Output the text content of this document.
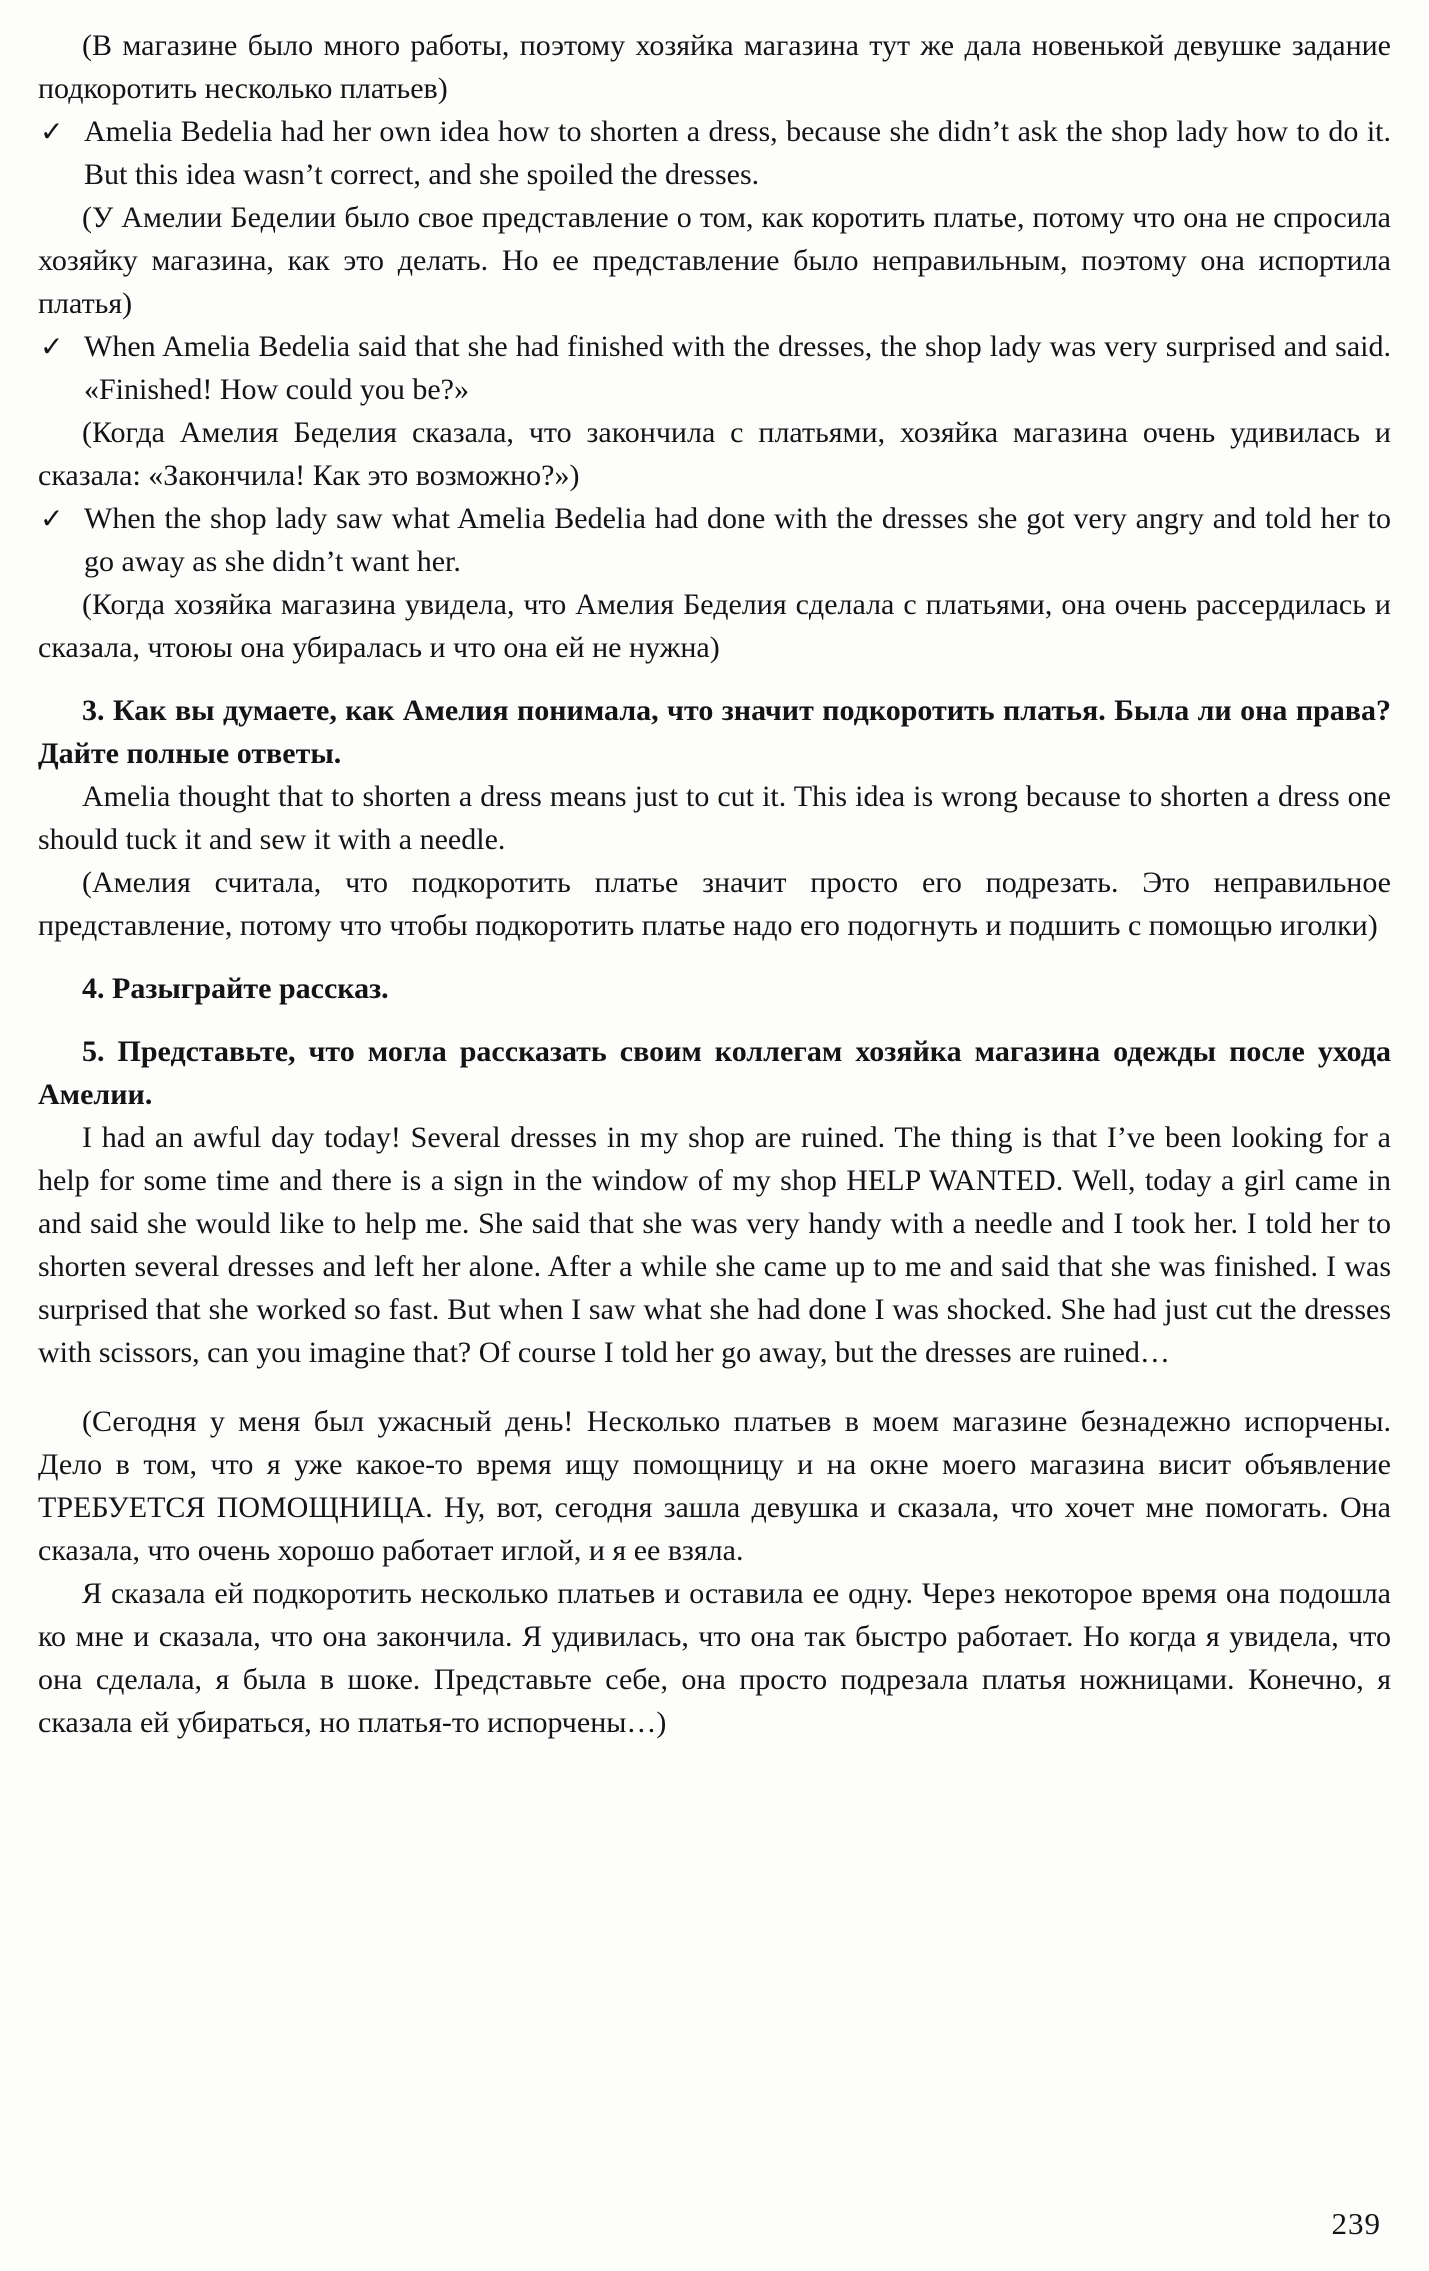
(В магазине было много работы, поэтому хозяйка магазина тут же дала новенькой девушке задание подкоротить несколько платьев)

✓ Amelia Bedelia had her own idea how to shorten a dress, because she didn’t ask the shop lady how to do it. But this idea wasn’t correct, and she spoiled the dresses.

(У Амелии Беделии было свое представление о том, как коротить платье, потому что она не спросила хозяйку магазина, как это делать. Но ее представление было неправильным, поэтому она испортила платья)

✓ When Amelia Bedelia said that she had finished with the dresses, the shop lady was very surprised and said. «Finished! How could you be?»

(Когда Амелия Беделия сказала, что закончила с платьями, хозяйка магазина очень удивилась и сказала: «Закончила! Как это возможно?»)

✓ When the shop lady saw what Amelia Bedelia had done with the dresses she got very angry and told her to go away as she didn’t want her.

(Когда хозяйка магазина увидела, что Амелия Беделия сделала с платьями, она очень рассердилась и сказала, чтоюы она убиралась и что она ей не нужна)

3. Как вы думаете, как Амелия понимала, что значит подкоротить платья. Была ли она права? Дайте полные ответы.

Amelia thought that to shorten a dress means just to cut it. This idea is wrong because to shorten a dress one should tuck it and sew it with a needle.

(Амелия считала, что подкоротить платье значит просто его подрезать. Это неправильное представление, потому что чтобы подкоротить платье надо его подогнуть и подшить с помощью иголки)

4. Разыграйте рассказ.

5. Представьте, что могла рассказать своим коллегам хозяйка магазина одежды после ухода Амелии.

I had an awful day today! Several dresses in my shop are ruined. The thing is that I’ve been looking for a help for some time and there is a sign in the window of my shop HELP WANTED. Well, today a girl came in and said she would like to help me. She said that she was very handy with a needle and I took her. I told her to shorten several dresses and left her alone. After a while she came up to me and said that she was finished. I was surprised that she worked so fast. But when I saw what she had done I was shocked. She had just cut the dresses with scissors, can you imagine that? Of course I told her go away, but the dresses are ruined…

(Сегодня у меня был ужасный день! Несколько платьев в моем магазине безнадежно испорчены. Дело в том, что я уже какое-то время ищу помощницу и на окне моего магазина висит объявление ТРЕБУЕТСЯ ПОМОЩНИЦА. Ну, вот, сегодня зашла девушка и сказала, что хочет мне помогать. Она сказала, что очень хорошо работает иглой, и я ее взяла.

Я сказала ей подкоротить несколько платьев и оставила ее одну. Через некоторое время она подошла ко мне и сказала, что она закончила. Я удивилась, что она так быстро работает. Но когда я увидела, что она сделала, я была в шоке. Представьте себе, она просто подрезала платья ножницами. Конечно, я сказала ей убираться, но платья-то испорчены…)

239
